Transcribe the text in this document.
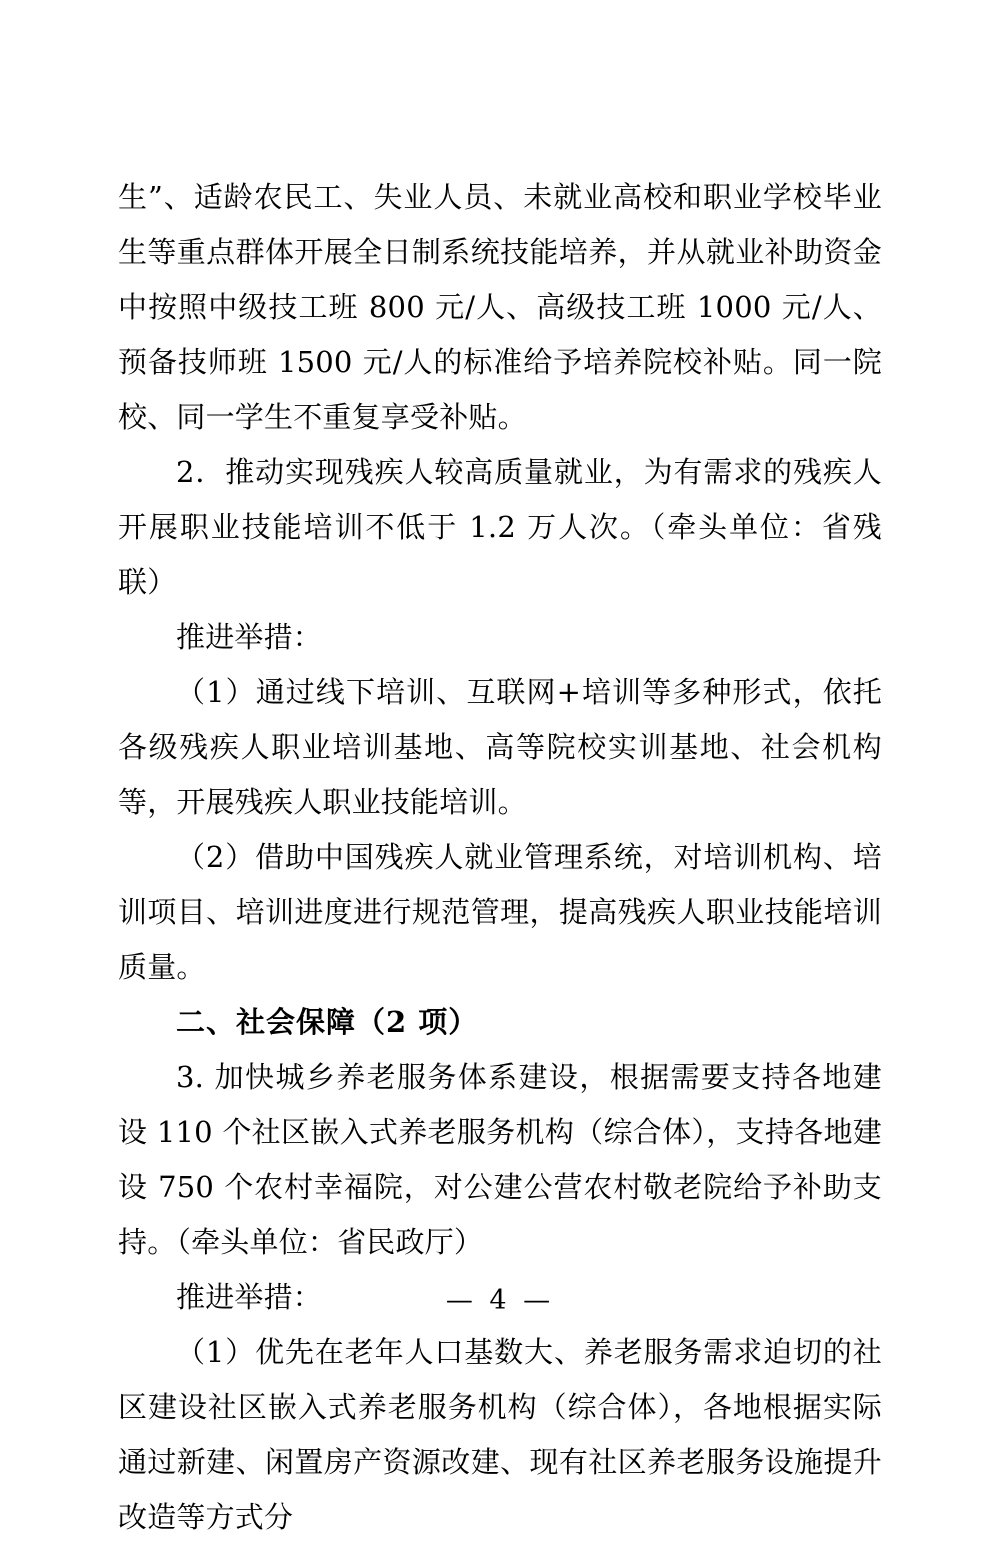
生”、适龄农民工、失业人员、未就业高校和职业学校毕业生等重点群体开展全日制系统技能培养，并从就业补助资金中按照中级技工班 800 元/人、高级技工班 1000 元/人、预备技师班 1500 元/人的标准给予培养院校补贴。同一院校、同一学生不重复享受补贴。

2．推动实现残疾人较高质量就业，为有需求的残疾人开展职业技能培训不低于 1.2 万人次。（牵头单位：省残联）

推进举措：

（1）通过线下培训、互联网+培训等多种形式，依托各级残疾人职业培训基地、高等院校实训基地、社会机构等，开展残疾人职业技能培训。

（2）借助中国残疾人就业管理系统，对培训机构、培训项目、培训进度进行规范管理，提高残疾人职业技能培训质量。

二、社会保障（2 项）

3. 加快城乡养老服务体系建设，根据需要支持各地建设 110 个社区嵌入式养老服务机构（综合体），支持各地建设 750 个农村幸福院，对公建公营农村敬老院给予补助支持。（牵头单位：省民政厅）

推进举措：

（1）优先在老年人口基数大、养老服务需求迫切的社区建设社区嵌入式养老服务机构（综合体），各地根据实际通过新建、闲置房产资源改建、现有社区养老服务设施提升改造等方式分

— 4 —
